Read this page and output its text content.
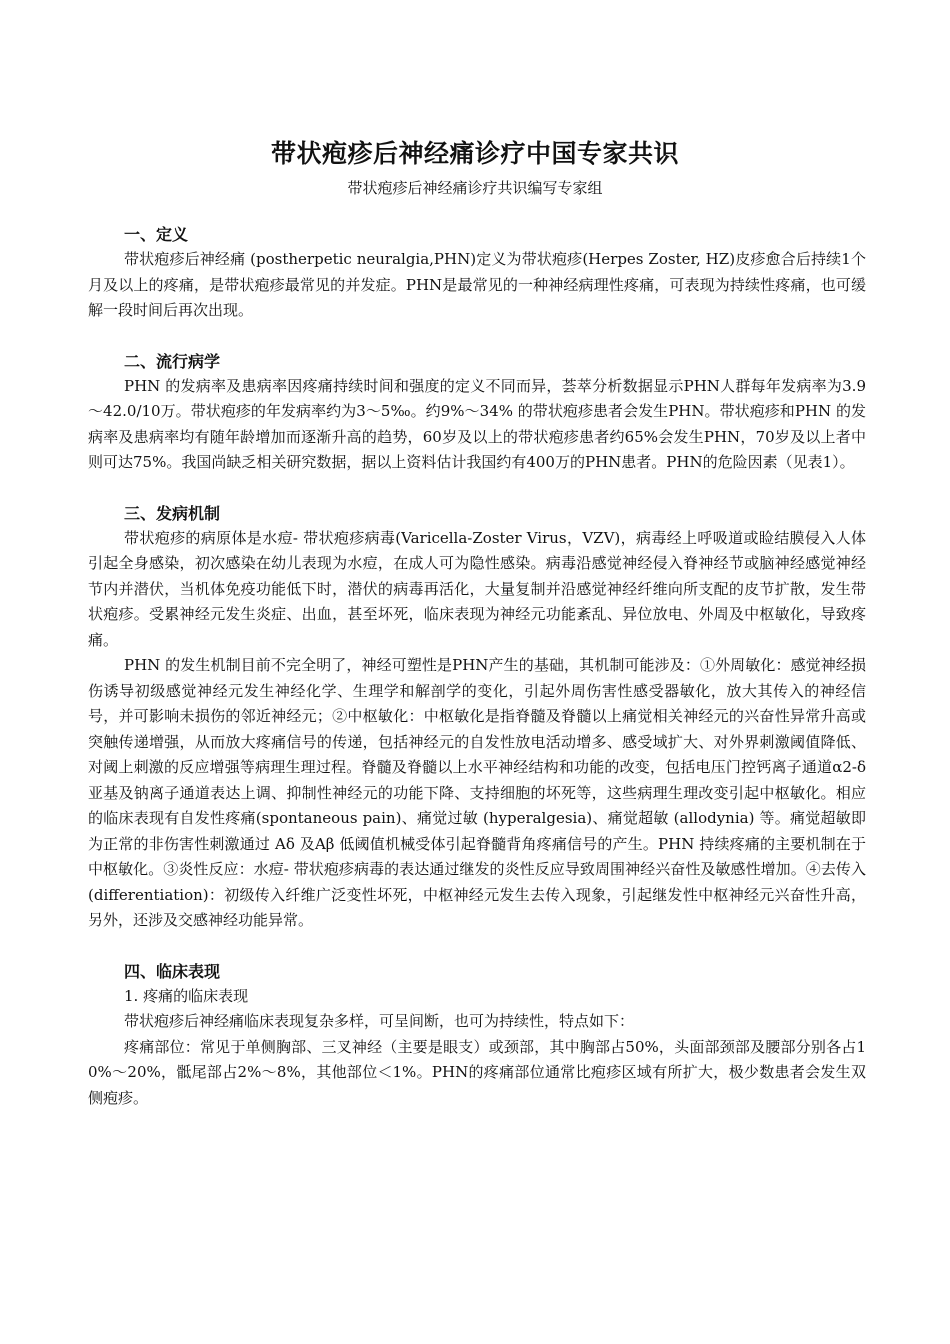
带状疱疹后神经痛诊疗中国专家共识

带状疱疹后神经痛诊疗共识编写专家组

一、定义

带状疱疹后神经痛 (postherpetic neuralgia,PHN)定义为带状疱疹(Herpes Zoster, HZ)皮疹愈合后持续1个月及以上的疼痛，是带状疱疹最常见的并发症。PHN是最常见的一种神经病理性疼痛，可表现为持续性疼痛，也可缓解一段时间后再次出现。

二、流行病学

PHN 的发病率及患病率因疼痛持续时间和强度的定义不同而异，荟萃分析数据显示PHN人群每年发病率为3.9～42.0/10万。带状疱疹的年发病率约为3～5‰。约9%～34% 的带状疱疹患者会发生PHN。带状疱疹和PHN 的发病率及患病率均有随年龄增加而逐渐升高的趋势，60岁及以上的带状疱疹患者约65%会发生PHN，70岁及以上者中则可达75%。我国尚缺乏相关研究数据，据以上资料估计我国约有400万的PHN患者。PHN的危险因素（见表1）。

三、发病机制

带状疱疹的病原体是水痘- 带状疱疹病毒(Varicella-Zoster Virus，VZV)，病毒经上呼吸道或睑结膜侵入人体引起全身感染，初次感染在幼儿表现为水痘，在成人可为隐性感染。病毒沿感觉神经侵入脊神经节或脑神经感觉神经节内并潜伏，当机体免疫功能低下时，潜伏的病毒再活化，大量复制并沿感觉神经纤维向所支配的皮节扩散，发生带状疱疹。受累神经元发生炎症、出血，甚至坏死，临床表现为神经元功能紊乱、异位放电、外周及中枢敏化，导致疼痛。

PHN 的发生机制目前不完全明了，神经可塑性是PHN产生的基础，其机制可能涉及：①外周敏化：感觉神经损伤诱导初级感觉神经元发生神经化学、生理学和解剖学的变化，引起外周伤害性感受器敏化，放大其传入的神经信号，并可影响未损伤的邻近神经元；②中枢敏化：中枢敏化是指脊髓及脊髓以上痛觉相关神经元的兴奋性异常升高或突触传递增强，从而放大疼痛信号的传递，包括神经元的自发性放电活动增多、感受域扩大、对外界刺激阈值降低、对阈上刺激的反应增强等病理生理过程。脊髓及脊髓以上水平神经结构和功能的改变，包括电压门控钙离子通道α2-δ亚基及钠离子通道表达上调、抑制性神经元的功能下降、支持细胞的坏死等，这些病理生理改变引起中枢敏化。相应的临床表现有自发性疼痛(spontaneous pain)、痛觉过敏 (hyperalgesia)、痛觉超敏 (allodynia) 等。痛觉超敏即为正常的非伤害性刺激通过 Aδ 及Aβ 低阈值机械受体引起脊髓背角疼痛信号的产生。PHN 持续疼痛的主要机制在于中枢敏化。③炎性反应：水痘- 带状疱疹病毒的表达通过继发的炎性反应导致周围神经兴奋性及敏感性增加。④去传入(differentiation)：初级传入纤维广泛变性坏死，中枢神经元发生去传入现象，引起继发性中枢神经元兴奋性升高，另外，还涉及交感神经功能异常。

四、临床表现
1. 疼痛的临床表现

带状疱疹后神经痛临床表现复杂多样，可呈间断，也可为持续性，特点如下：

疼痛部位：常见于单侧胸部、三叉神经（主要是眼支）或颈部，其中胸部占50%，头面部颈部及腰部分别各占10%～20%，骶尾部占2%～8%，其他部位＜1%。PHN的疼痛部位通常比疱疹区域有所扩大，极少数患者会发生双侧疱疹。
